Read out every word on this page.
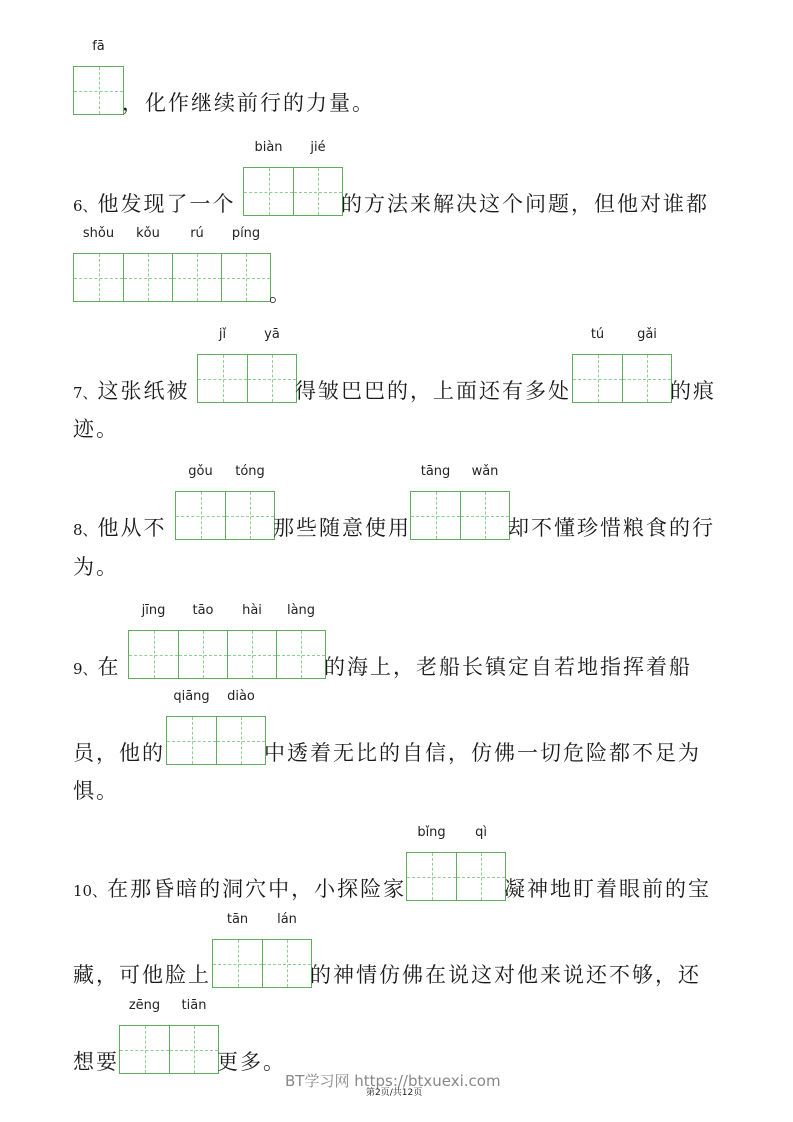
fā
，化作继续前行的力量。
6、他发现了一个
biàn	jié
的方法来解决这个问题，但他对谁都
shǒu	kǒu	rú	píng
。
7、这张纸被
jǐ	yā
得皱巴巴的，上面还有多处
tú	gǎi
的痕
迹。
8、他从不
gǒu	tóng
那些随意使用
tāng	wǎn
却不懂珍惜粮食的行
为。
9、在
jīng	tāo	hài	làng
的海上，老船长镇定自若地指挥着船
员，他的
qiāng	diào
中透着无比的自信，仿佛一切危险都不足为
惧。
10、在那昏暗的洞穴中，小探险家
bǐng	qì
凝神地盯着眼前的宝
藏，可他脸上
tān	lán
的神情仿佛在说这对他来说还不够，还
想要
zēng	tiān
更多。
BT学习网 https://btxuexi.com
第2页/共12页
